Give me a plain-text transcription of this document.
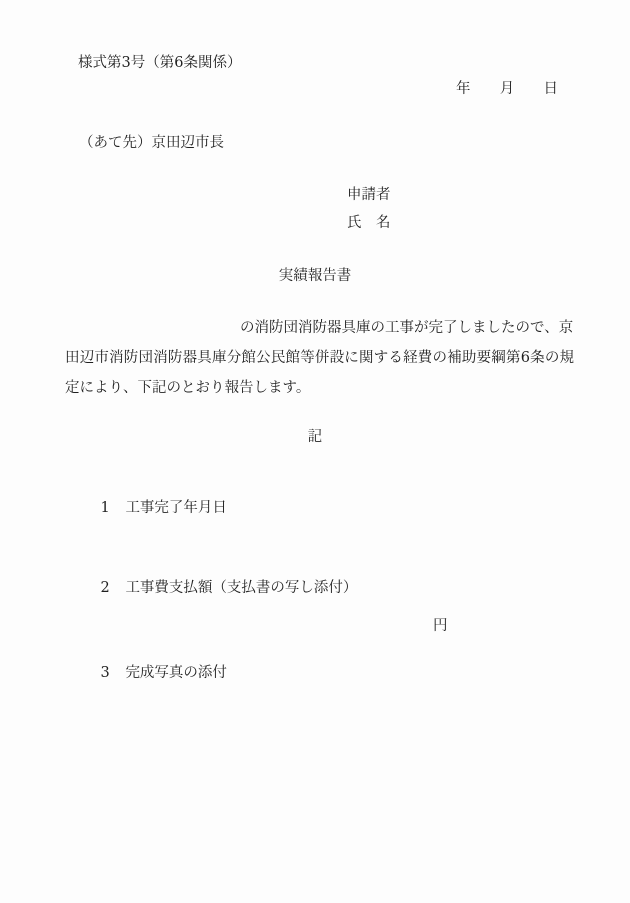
様式第3号（第6条関係）
年 月 日
（あて先）京田辺市長
申請者
氏　名
実績報告書
の消防団消防器具庫の工事が完了しましたので、京
田辺市消防団消防器具庫分館公民館等併設に関する経費の補助要綱第6条の規
定により、下記のとおり報告します。
記

1 工事完了年月日

2 工事費支払額（支払書の写し添付）

円

3 完成写真の添付
